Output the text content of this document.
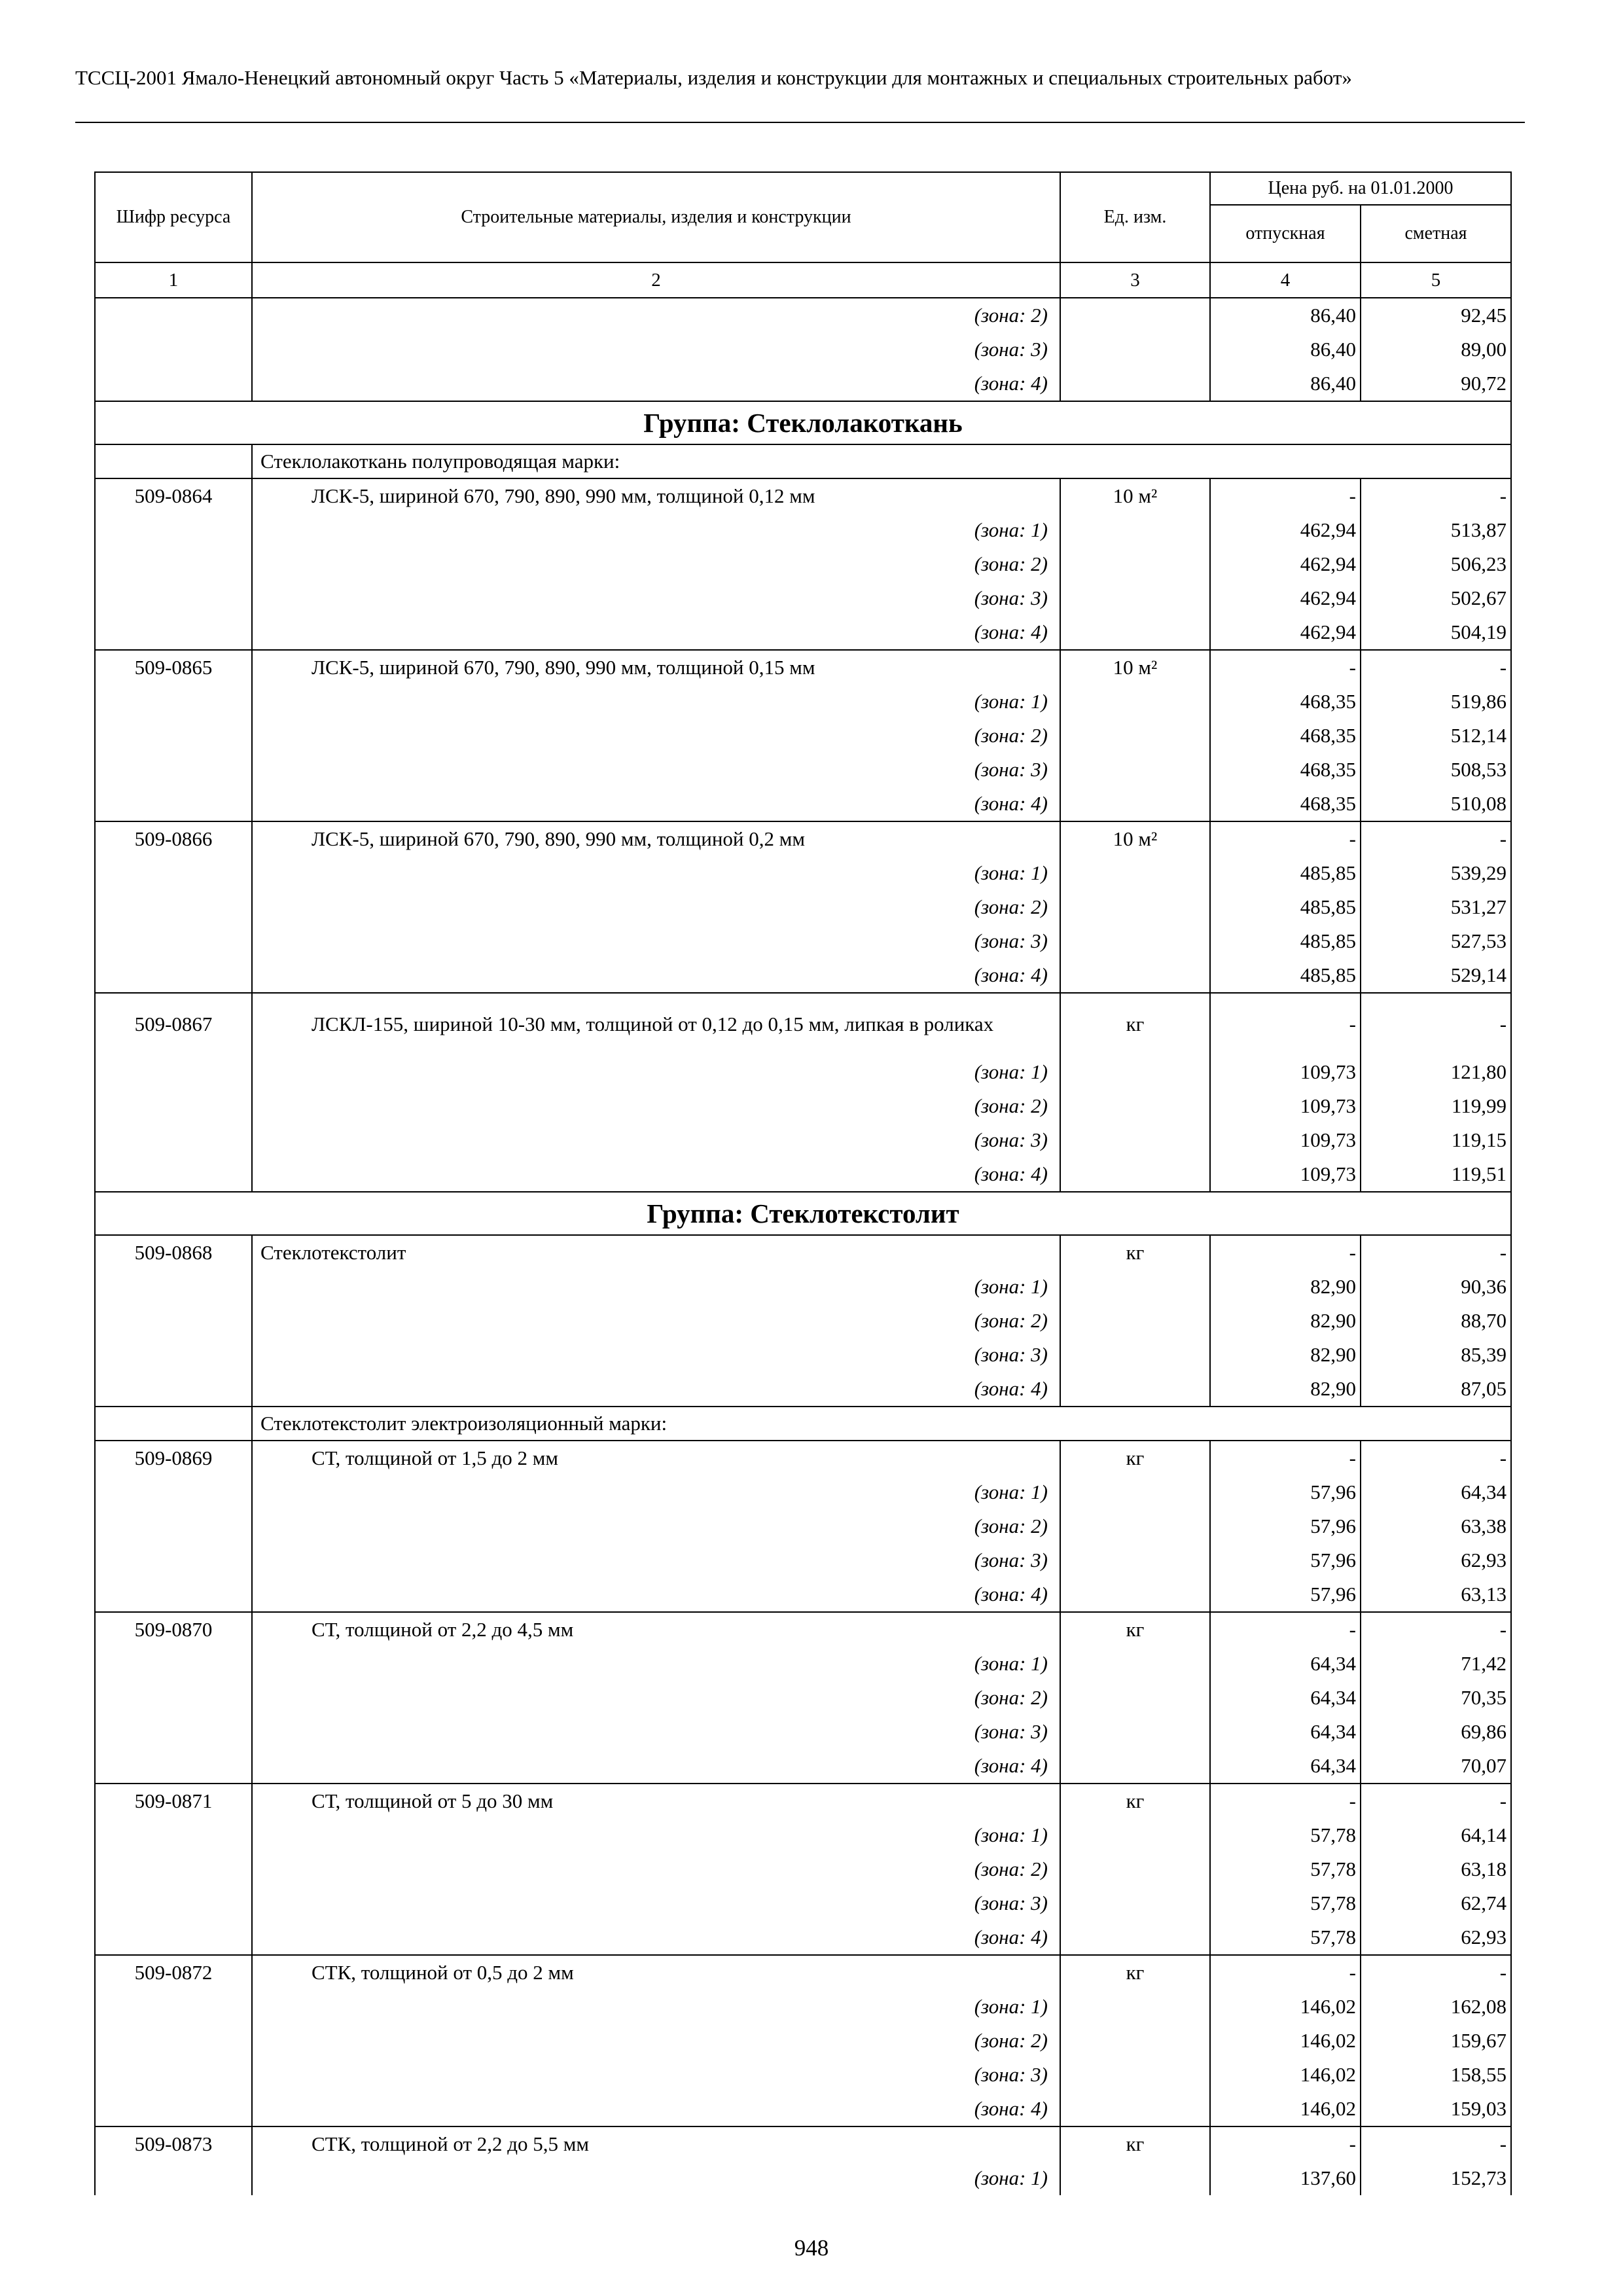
ТССЦ-2001 Ямало-Ненецкий автономный округ Часть 5 «Материалы, изделия и конструкции для монтажных и специальных строительных работ»
Шифр ресурса	Строительные материалы, изделия и конструкции	Ед. изм.	Цена руб. на 01.01.2000	
			отпускная	сметная
1	2	3	4	5
	(зона: 2)		86,40	92,45
	(зона: 3)		86,40	89,00
	(зона: 4)		86,40	90,72
Группа: Стеклолакоткань				
	Стеклолакоткань полупроводящая марки:			
509-0864	ЛСК-5, шириной 670, 790, 890, 990 мм, толщиной 0,12 мм	10 м²	-	-
	(зона: 1)		462,94	513,87
	(зона: 2)		462,94	506,23
	(зона: 3)		462,94	502,67
	(зона: 4)		462,94	504,19
509-0865	ЛСК-5, шириной 670, 790, 890, 990 мм, толщиной 0,15 мм	10 м²	-	-
	(зона: 1)		468,35	519,86
	(зона: 2)		468,35	512,14
	(зона: 3)		468,35	508,53
	(зона: 4)		468,35	510,08
509-0866	ЛСК-5, шириной 670, 790, 890, 990 мм, толщиной 0,2 мм	10 м²	-	-
	(зона: 1)		485,85	539,29
	(зона: 2)		485,85	531,27
	(зона: 3)		485,85	527,53
	(зона: 4)		485,85	529,14
509-0867	ЛСКЛ-155, шириной 10-30 мм, толщиной от 0,12 до 0,15 мм, липкая в роликах	кг	-	-
	(зона: 1)		109,73	121,80
	(зона: 2)		109,73	119,99
	(зона: 3)		109,73	119,15
	(зона: 4)		109,73	119,51
Группа: Стеклотекстолит				
509-0868	Стеклотекстолит	кг	-	-
	(зона: 1)		82,90	90,36
	(зона: 2)		82,90	88,70
	(зона: 3)		82,90	85,39
	(зона: 4)		82,90	87,05
	Стеклотекстолит электроизоляционный марки:			
509-0869	СТ, толщиной от 1,5 до 2 мм	кг	-	-
	(зона: 1)		57,96	64,34
	(зона: 2)		57,96	63,38
	(зона: 3)		57,96	62,93
	(зона: 4)		57,96	63,13
509-0870	СТ, толщиной от 2,2 до 4,5 мм	кг	-	-
	(зона: 1)		64,34	71,42
	(зона: 2)		64,34	70,35
	(зона: 3)		64,34	69,86
	(зона: 4)		64,34	70,07
509-0871	СТ, толщиной от 5 до 30 мм	кг	-	-
	(зона: 1)		57,78	64,14
	(зона: 2)		57,78	63,18
	(зона: 3)		57,78	62,74
	(зона: 4)		57,78	62,93
509-0872	СТК, толщиной от 0,5 до 2 мм	кг	-	-
	(зона: 1)		146,02	162,08
	(зона: 2)		146,02	159,67
	(зона: 3)		146,02	158,55
	(зона: 4)		146,02	159,03
509-0873	СТК, толщиной от 2,2 до 5,5 мм	кг	-	-
	(зона: 1)		137,60	152,73
948
